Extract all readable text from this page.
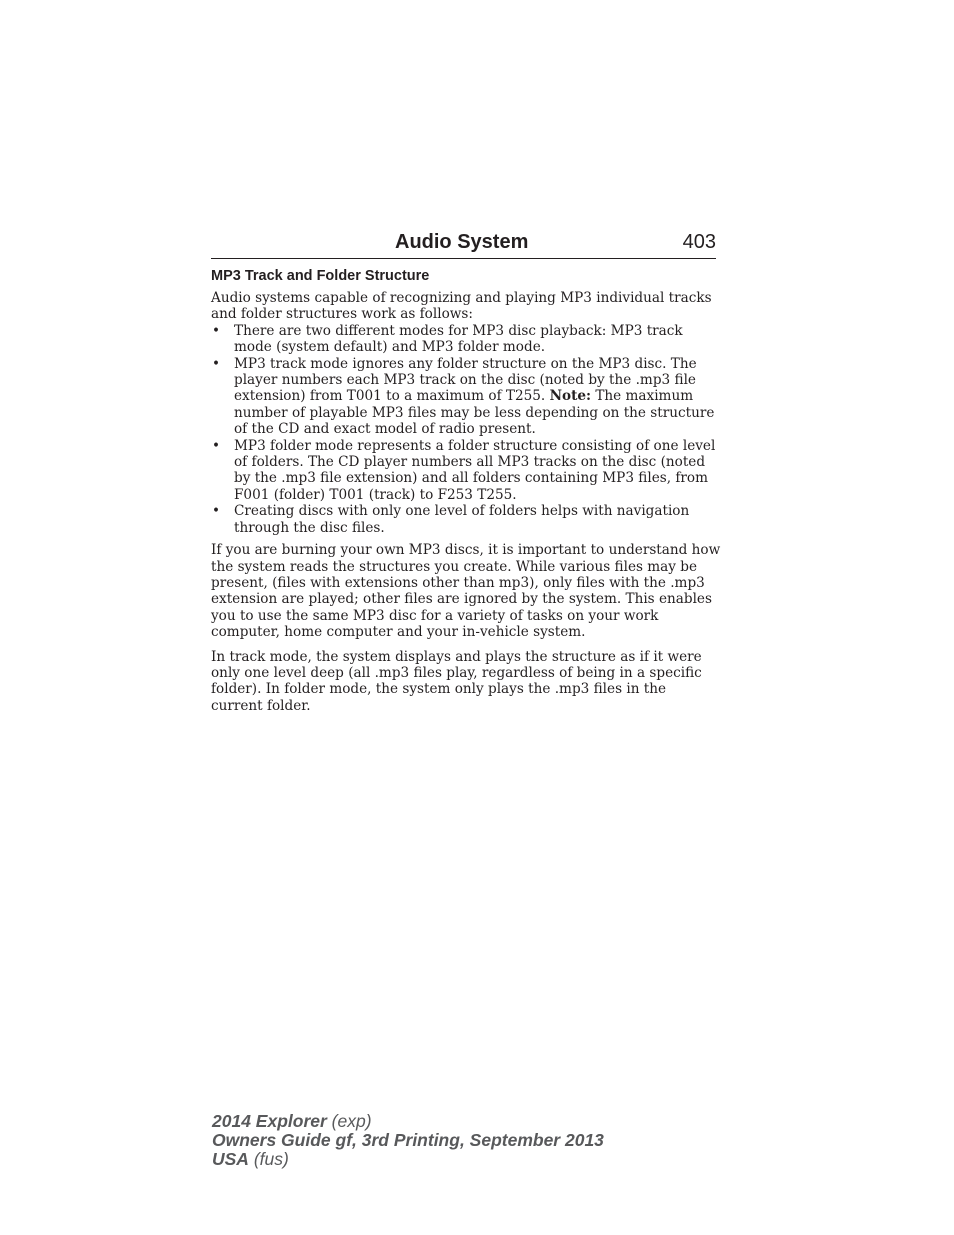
Audio System	403
MP3 Track and Folder Structure

Audio systems capable of recognizing and playing MP3 individual tracks and folder structures work as follows:

• There are two different modes for MP3 disc playback: MP3 track mode (system default) and MP3 folder mode.
• MP3 track mode ignores any folder structure on the MP3 disc. The player numbers each MP3 track on the disc (noted by the .mp3 file extension) from T001 to a maximum of T255. Note: The maximum number of playable MP3 files may be less depending on the structure of the CD and exact model of radio present.
• MP3 folder mode represents a folder structure consisting of one level of folders. The CD player numbers all MP3 tracks on the disc (noted by the .mp3 file extension) and all folders containing MP3 files, from F001 (folder) T001 (track) to F253 T255.
• Creating discs with only one level of folders helps with navigation through the disc files.

If you are burning your own MP3 discs, it is important to understand how the system reads the structures you create. While various files may be present, (files with extensions other than mp3), only files with the .mp3 extension are played; other files are ignored by the system. This enables you to use the same MP3 disc for a variety of tasks on your work computer, home computer and your in-vehicle system.

In track mode, the system displays and plays the structure as if it were only one level deep (all .mp3 files play, regardless of being in a specific folder). In folder mode, the system only plays the .mp3 files in the current folder.

2014 Explorer (exp)
Owners Guide gf, 3rd Printing, September 2013
USA (fus)
